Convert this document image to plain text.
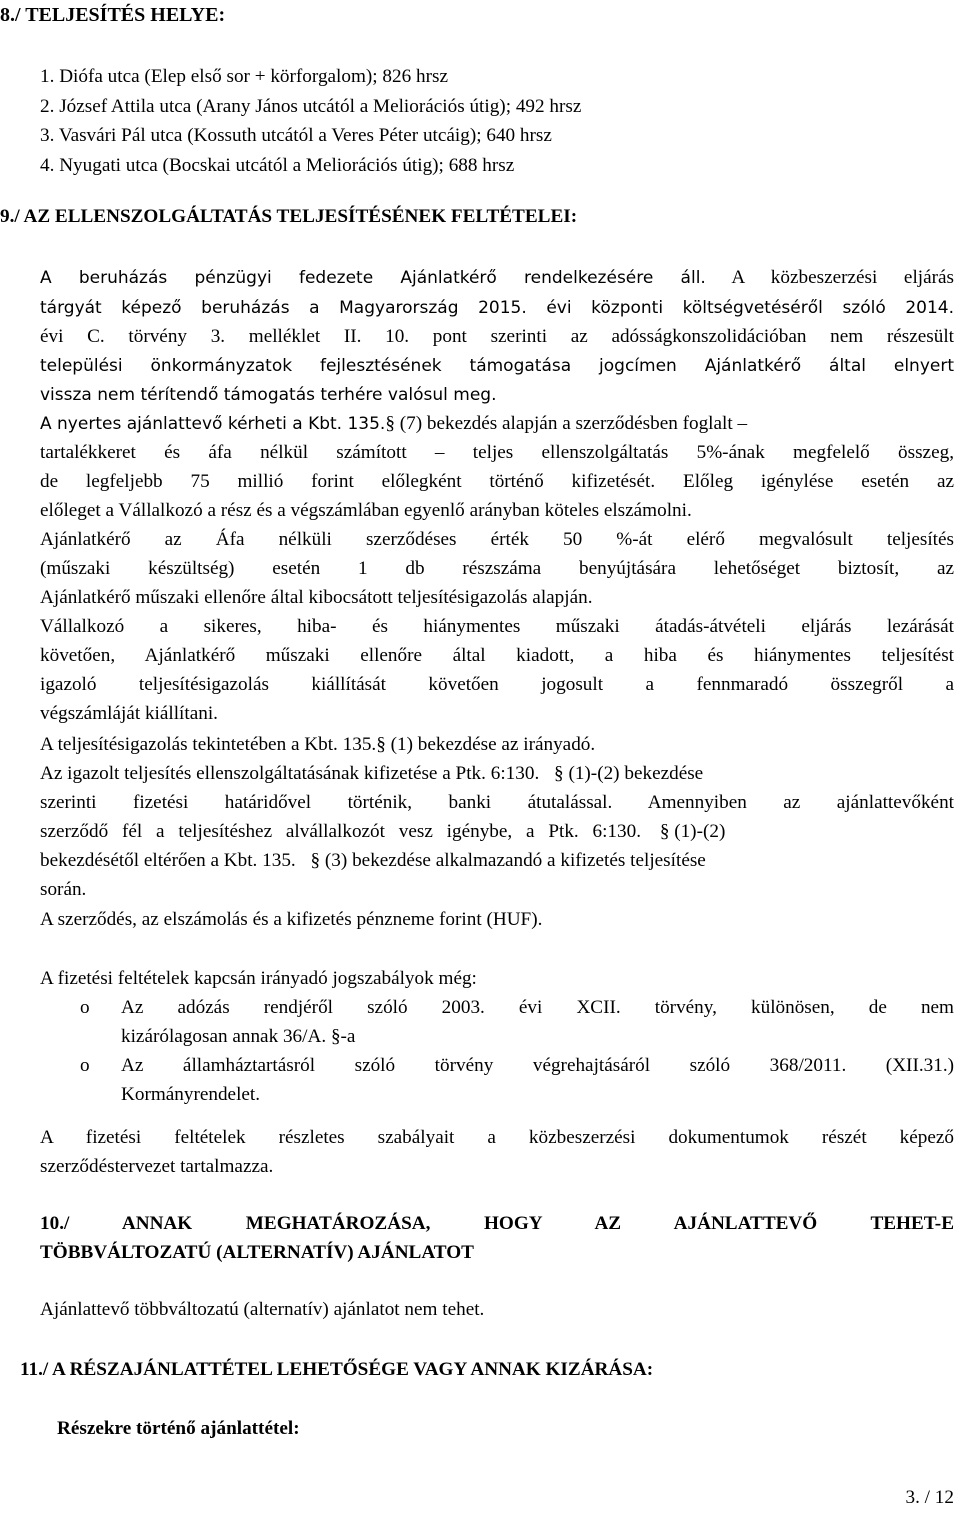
8./ TELJESÍTÉS HELYE:
1. Diófa utca (Elep első sor + körforgalom); 826 hrsz
2. József Attila utca (Arany János utcától a Meliorációs útig); 492 hrsz
3. Vasvári Pál utca (Kossuth utcától a Veres Péter utcáig); 640 hrsz
4. Nyugati utca (Bocskai utcától a Meliorációs útig); 688 hrsz
9./ AZ ELLENSZOLGÁLTATÁS TELJESÍTÉSÉNEK FELTÉTELEI:
A beruházás pénzügyi fedezete Ajánlatkérő rendelkezésére áll. A közbeszerzési eljárás
tárgyát képező beruházás a Magyarország 2015. évi központi költségvetéséről szóló 2014.
évi C. törvény 3. melléklet II. 10. pont szerinti az adósságkonszolidációban nem részesült
települési önkormányzatok fejlesztésének támogatása jogcímen Ajánlatkérő által elnyert
vissza nem térítendő támogatás terhére valósul meg.
A nyertes ajánlattevő kérheti a Kbt. 135.§ (7) bekezdés alapján a szerződésben foglalt –
tartalékkeret és áfa nélkül számított – teljes ellenszolgáltatás 5%-ának megfelelő összeg,
de legfeljebb 75 millió forint előlegként történő kifizetését. Előleg igénylése esetén az
előleget a Vállalkozó a rész és a végszámlában egyenlő arányban köteles elszámolni.
Ajánlatkérő az Áfa nélküli szerződéses érték 50 %-át elérő megvalósult teljesítés
(műszaki készültség) esetén 1 db részszáma benyújtására lehetőséget biztosít, az
Ajánlatkérő műszaki ellenőre által kibocsátott teljesítésigazolás alapján.
Vállalkozó a sikeres, hiba- és hiánymentes műszaki átadás-átvételi eljárás lezárását
követően, Ajánlatkérő műszaki ellenőre által kiadott, a hiba és hiánymentes teljesítést
igazoló teljesítésigazolás kiállítását követően jogosult a fennmaradó összegről a
végszámláját kiállítani.
A teljesítésigazolás tekintetében a Kbt. 135.§ (1) bekezdése az irányadó.
Az igazolt teljesítés ellenszolgáltatásának kifizetése a Ptk. 6:130. § (1)-(2) bekezdése
szerinti fizetési határidővel történik, banki átutalással. Amennyiben az ajánlattevőként
szerződő fél a teljesítéshez alvállalkozót vesz igénybe, a Ptk. 6:130. § (1)-(2)
bekezdésétől eltérően a Kbt. 135. § (3) bekezdése alkalmazandó a kifizetés teljesítése
során.
A szerződés, az elszámolás és a kifizetés pénzneme forint (HUF).
A fizetési feltételek kapcsán irányadó jogszabályok még:
o Az adózás rendjéről szóló 2003. évi XCII. törvény, különösen, de nem
kizárólagosan annak 36/A. §-a
o Az államháztartásról szóló törvény végrehajtásáról szóló 368/2011. (XII.31.)
Kormányrendelet.
A fizetési feltételek részletes szabályait a közbeszerzési dokumentumok részét képező
szerződéstervezet tartalmazza.
10./ ANNAK MEGHATÁROZÁSA, HOGY AZ AJÁNLATTEVŐ TEHET-E
TÖBBVÁLTOZATÚ (ALTERNATÍV) AJÁNLATOT
Ajánlattevő többváltozatú (alternatív) ajánlatot nem tehet.
11./ A RÉSZAJÁNLATTÉTEL LEHETŐSÉGE VAGY ANNAK KIZÁRÁSA:
Részekre történő ajánlattétel:
3. / 12
